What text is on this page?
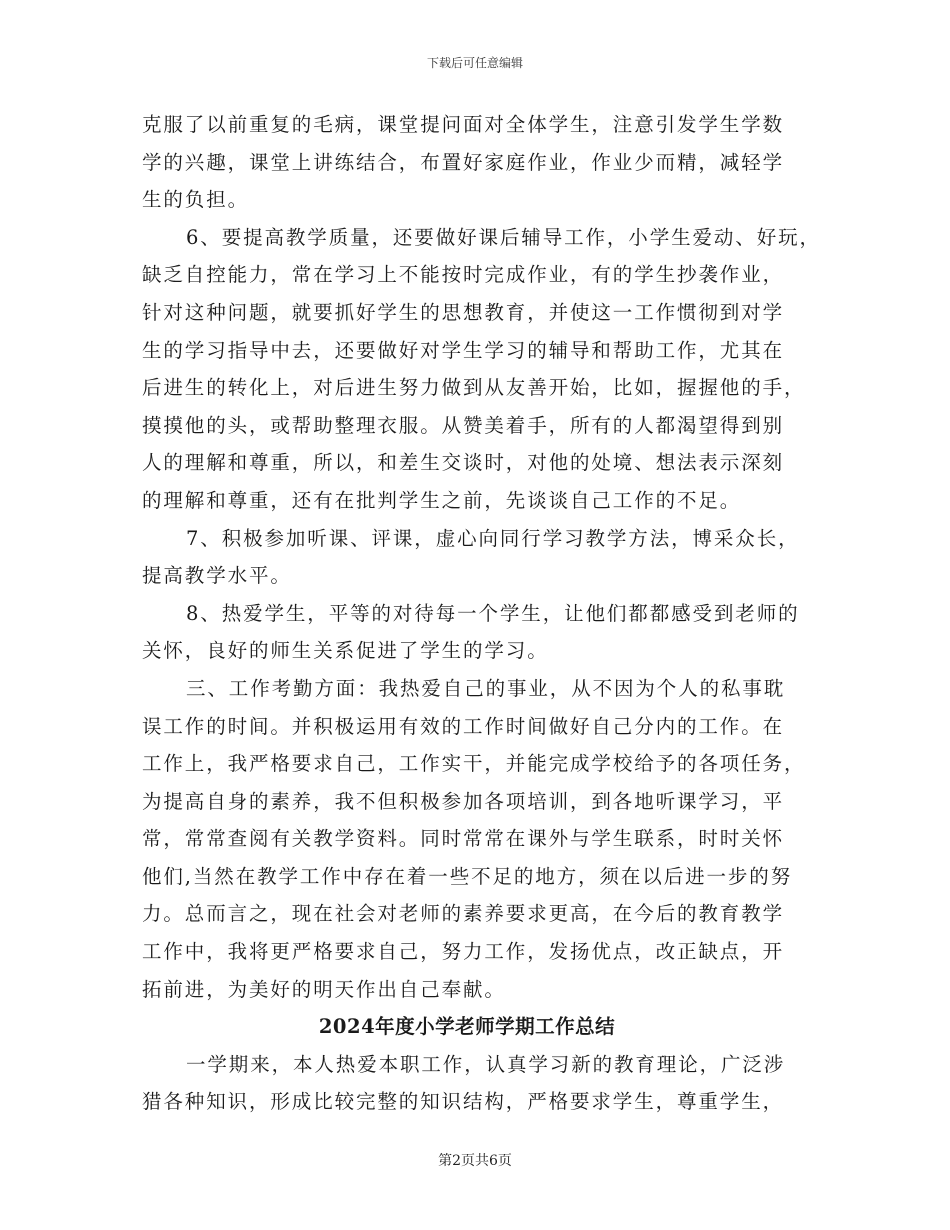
下载后可任意编辑
克服了以前重复的毛病，课堂提问面对全体学生，注意引发学生学数
学的兴趣，课堂上讲练结合，布置好家庭作业，作业少而精，减轻学
生的负担。
6、要提高教学质量，还要做好课后辅导工作，小学生爱动、好玩，
缺乏自控能力，常在学习上不能按时完成作业，有的学生抄袭作业，
针对这种问题，就要抓好学生的思想教育，并使这一工作惯彻到对学
生的学习指导中去，还要做好对学生学习的辅导和帮助工作，尤其在
后进生的转化上，对后进生努力做到从友善开始，比如，握握他的手，
摸摸他的头，或帮助整理衣服。从赞美着手，所有的人都渴望得到别
人的理解和尊重，所以，和差生交谈时，对他的处境、想法表示深刻
的理解和尊重，还有在批判学生之前，先谈谈自己工作的不足。
7、积极参加听课、评课，虚心向同行学习教学方法，博采众长，
提高教学水平。
8、热爱学生，平等的对待每一个学生，让他们都都感受到老师的
关怀，良好的师生关系促进了学生的学习。
三、工作考勤方面：我热爱自己的事业，从不因为个人的私事耽
误工作的时间。并积极运用有效的工作时间做好自己分内的工作。在
工作上，我严格要求自己，工作实干，并能完成学校给予的各项任务，
为提高自身的素养，我不但积极参加各项培训，到各地听课学习，平
常，常常查阅有关教学资料。同时常常在课外与学生联系，时时关怀
他们,当然在教学工作中存在着一些不足的地方，须在以后进一步的努
力。总而言之，现在社会对老师的素养要求更高，在今后的教育教学
工作中，我将更严格要求自己，努力工作，发扬优点，改正缺点，开
拓前进，为美好的明天作出自己奉献。
2024年度小学老师学期工作总结
一学期来，本人热爱本职工作，认真学习新的教育理论，广泛涉
猎各种知识，形成比较完整的知识结构，严格要求学生，尊重学生，
第2页共6页
